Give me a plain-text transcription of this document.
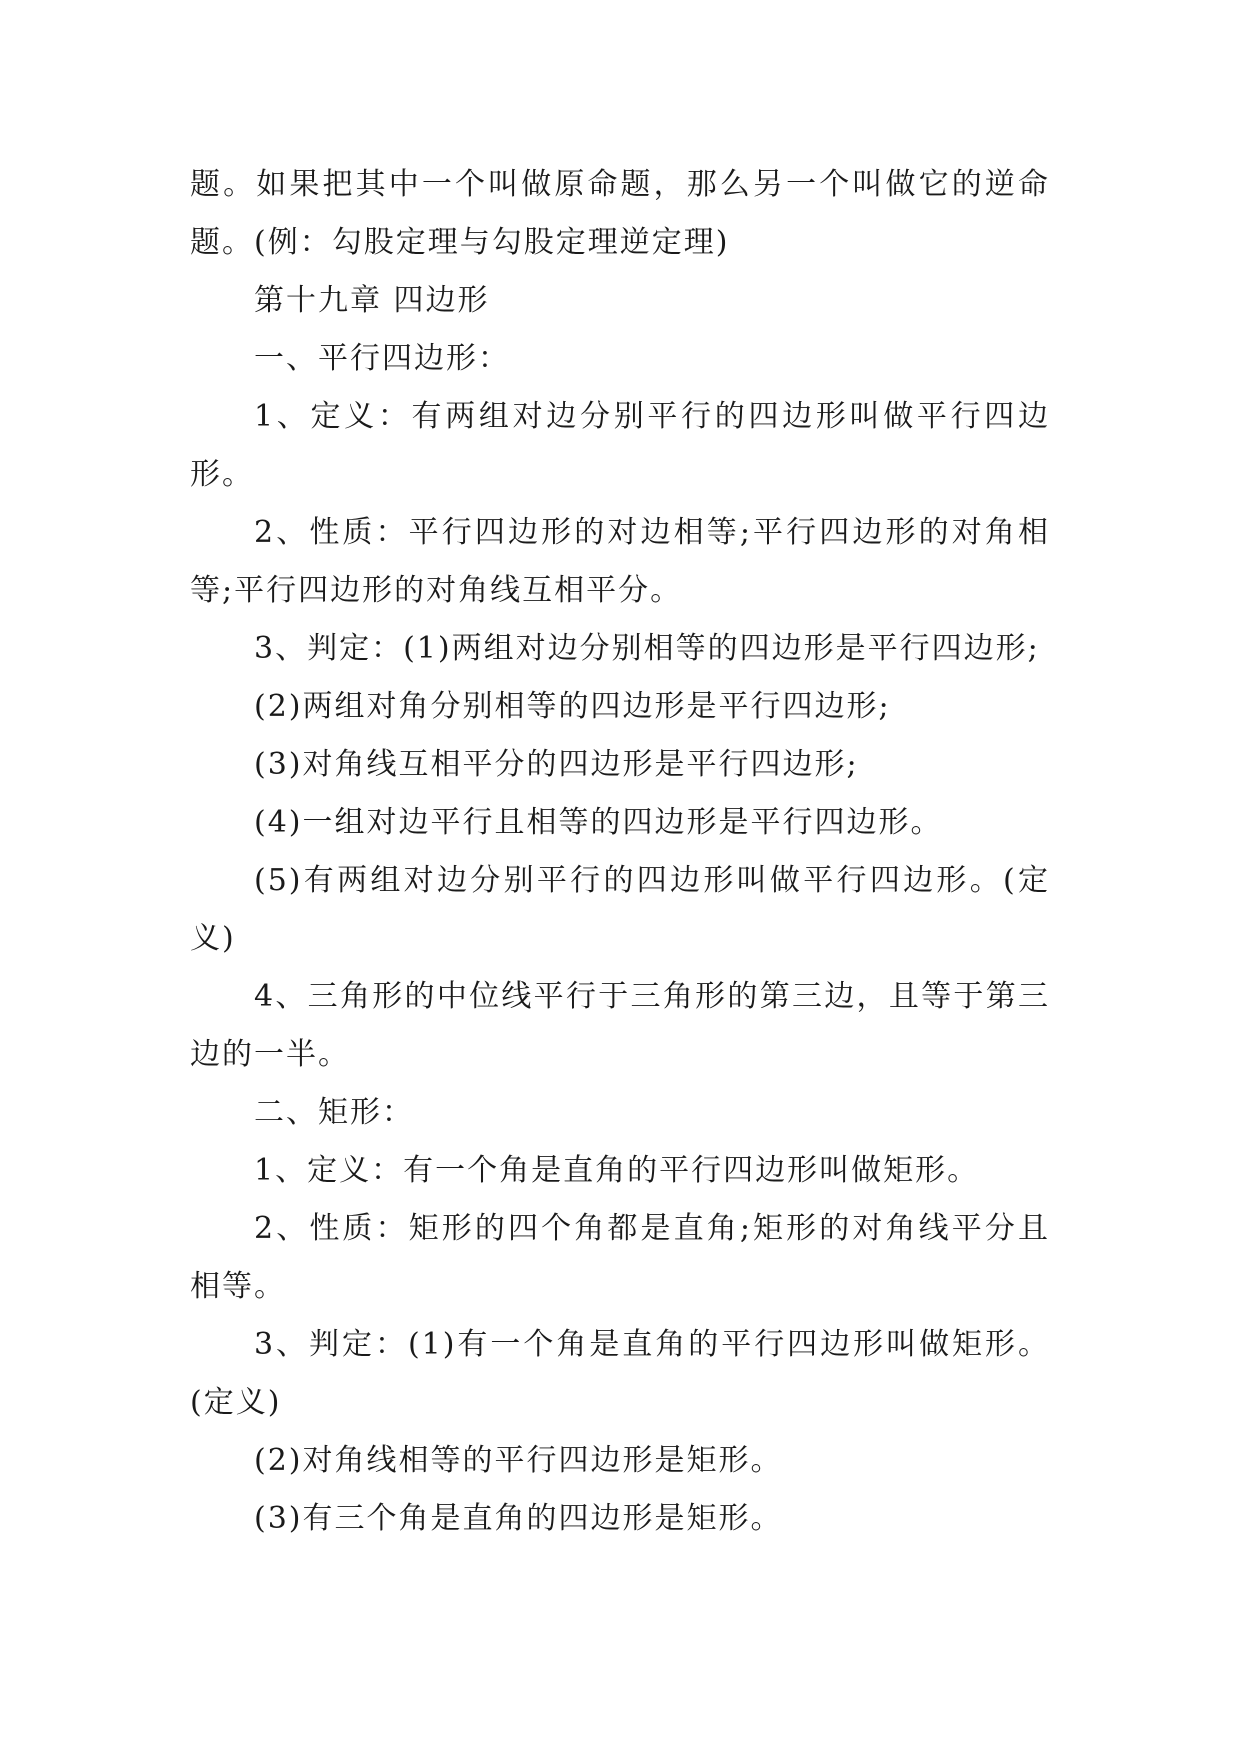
题。如果把其中一个叫做原命题，那么另一个叫做它的逆命题。(例：勾股定理与勾股定理逆定理)

第十九章 四边形

一、平行四边形：

1、定义：有两组对边分别平行的四边形叫做平行四边形。

2、性质：平行四边形的对边相等;平行四边形的对角相等;平行四边形的对角线互相平分。

3、判定：(1)两组对边分别相等的四边形是平行四边形;

(2)两组对角分别相等的四边形是平行四边形;

(3)对角线互相平分的四边形是平行四边形;

(4)一组对边平行且相等的四边形是平行四边形。

(5)有两组对边分别平行的四边形叫做平行四边形。(定义)

4、三角形的中位线平行于三角形的第三边，且等于第三边的一半。

二、矩形：

1、定义：有一个角是直角的平行四边形叫做矩形。

2、性质：矩形的四个角都是直角;矩形的对角线平分且相等。

3、判定：(1)有一个角是直角的平行四边形叫做矩形。(定义)

(2)对角线相等的平行四边形是矩形。

(3)有三个角是直角的四边形是矩形。
